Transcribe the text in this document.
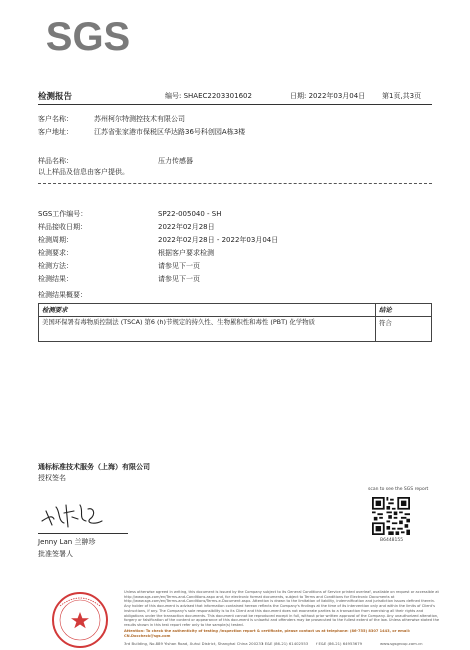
SGS
检测报告	编号: SHAEC2203301602	日期: 2022年03月04日 第1页,共3页
客户名称：	苏州柯尔特测控技术有限公司
客户地址：	江苏省张家港市保税区华达路36号科创园A栋3楼
样品名称：	压力传感器
以上样品及信息由客户提供。
SGS工作编号：	SP22-005040 - SH
样品接收日期：	2022年02月28日
检测周期：	2022年02月28日 - 2022年03月04日
检测要求：	根据客户要求检测
检测方法：	请参见下一页
检测结果：	请参见下一页
检测结果概要：
检测要求	结论
美国环保署有毒物质控制法 (TSCA) 第6 (h)节规定的持久性、生物累积性和毒性 (PBT) 化学物质	符合
通标标准技术服务（上海）有限公司
授权签名
Jenny Lan 兰翀珍
批准签署人
scan to see the SGS report
B6448155
Unless otherwise agreed in writing, this document is issued by the Company subject to its General Conditions of Service printed overleaf, available on request or accessible at http://www.sgs.com/en/Terms-and-Conditions.aspx and, for electronic format documents, subject to Terms and Conditions for Electronic Documents at http://www.sgs.com/en/Terms-and-Conditions/Terms-e-Document.aspx. Attention is drawn to the limitation of liability, indemnification and jurisdiction issues defined therein. Any holder of this document is advised that information contained hereon reflects the Company's findings at the time of its intervention only and within the limits of Client's instructions, if any. The Company's sole responsibility is to its Client and this document does not exonerate parties to a transaction from exercising all their rights and obligations under the transaction documents. This document cannot be reproduced except in full, without prior written approval of the Company. Any unauthorized alteration, forgery or falsification of the content or appearance of this document is unlawful and offenders may be prosecuted to the fullest extent of the law. Unless otherwise stated the results shown in this test report refer only to the sample(s) tested.
Attention: To check the authenticity of testing /inspection report & certificate, please contact us at telephone: (86-755) 8307 1443, or email: CN.Doccheck@sgs.com
3rd Building, No.889 Yishan Road, Xuhui District, Shanghai China 200233
t E&E (86-21) 61402553 f E&E (86-21) 64953679	www.sgsgroup.com.cn
